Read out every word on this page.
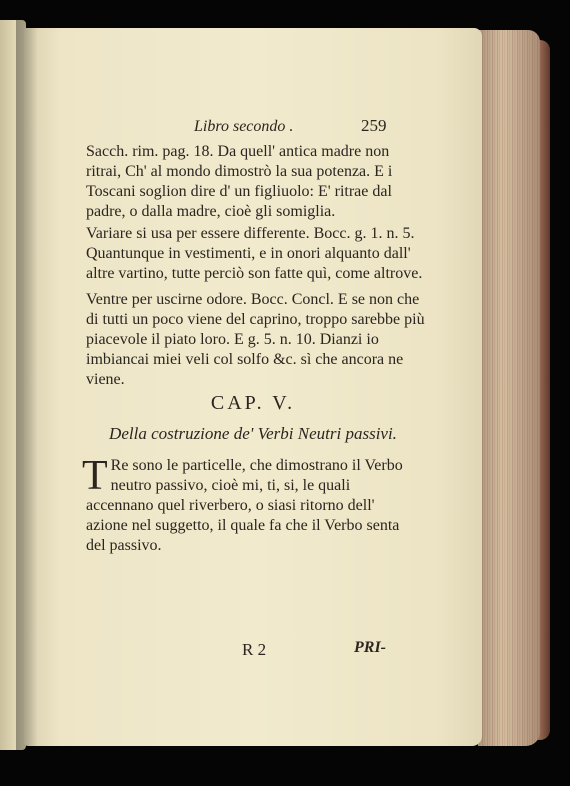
Libro secondo .	259

Sacch. rim. pag. 18. Da quell' antica madre non ritrai, Ch' al mondo dimostrò la sua potenza. E i Toscani soglion dire d' un figliuolo: E' ritrae dal padre, o dalla madre, cioè gli somiglia.

Variare si usa per essere differente. Bocc. g. 1. n. 5. Quantunque in vestimenti, e in onori alquanto dall' altre vartino, tutte perciò son fatte quì, come altrove.

Ventre per uscirne odore. Bocc. Concl. E se non che di tutti un poco viene del caprino, troppo sarebbe più piacevole il piato loro. E g. 5. n. 10. Dianzi io imbiancai miei veli col solfo &c. sì che ancora ne viene.

CAP. V.
Della costruzione de' Verbi Neutri passivi.
T Re sono le particelle, che dimostrano il Verbo neutro passivo, cioè mi, ti, si, le quali accennano quel riverbero, o siasi ritorno dell' azione nel suggetto, il quale fa che il Verbo senta del passivo.
R 2	PRI-
